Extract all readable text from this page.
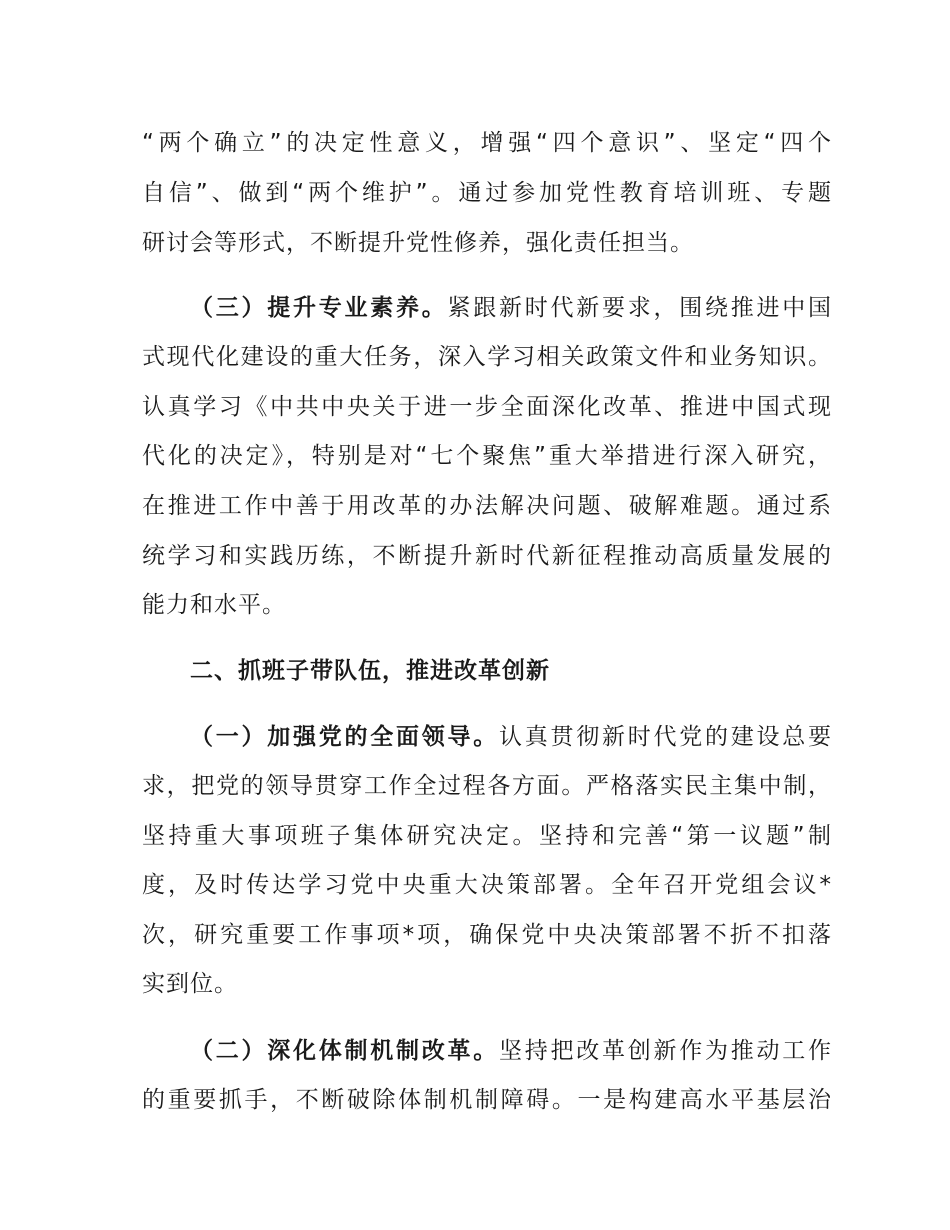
“两个确立”的决定性意义，增强“四个意识”、坚定“四个
自信”、做到“两个维护”。通过参加党性教育培训班、专题
研讨会等形式，不断提升党性修养，强化责任担当。
（三）提升专业素养。紧跟新时代新要求，围绕推进中国
式现代化建设的重大任务，深入学习相关政策文件和业务知识。
认真学习《中共中央关于进一步全面深化改革、推进中国式现
代化的决定》，特别是对“七个聚焦”重大举措进行深入研究，
在推进工作中善于用改革的办法解决问题、破解难题。通过系
统学习和实践历练，不断提升新时代新征程推动高质量发展的
能力和水平。
二、抓班子带队伍，推进改革创新
（一）加强党的全面领导。认真贯彻新时代党的建设总要
求，把党的领导贯穿工作全过程各方面。严格落实民主集中制，
坚持重大事项班子集体研究决定。坚持和完善“第一议题”制
度，及时传达学习党中央重大决策部署。全年召开党组会议*
次，研究重要工作事项*项，确保党中央决策部署不折不扣落
实到位。
（二）深化体制机制改革。坚持把改革创新作为推动工作
的重要抓手，不断破除体制机制障碍。一是构建高水平基层治
